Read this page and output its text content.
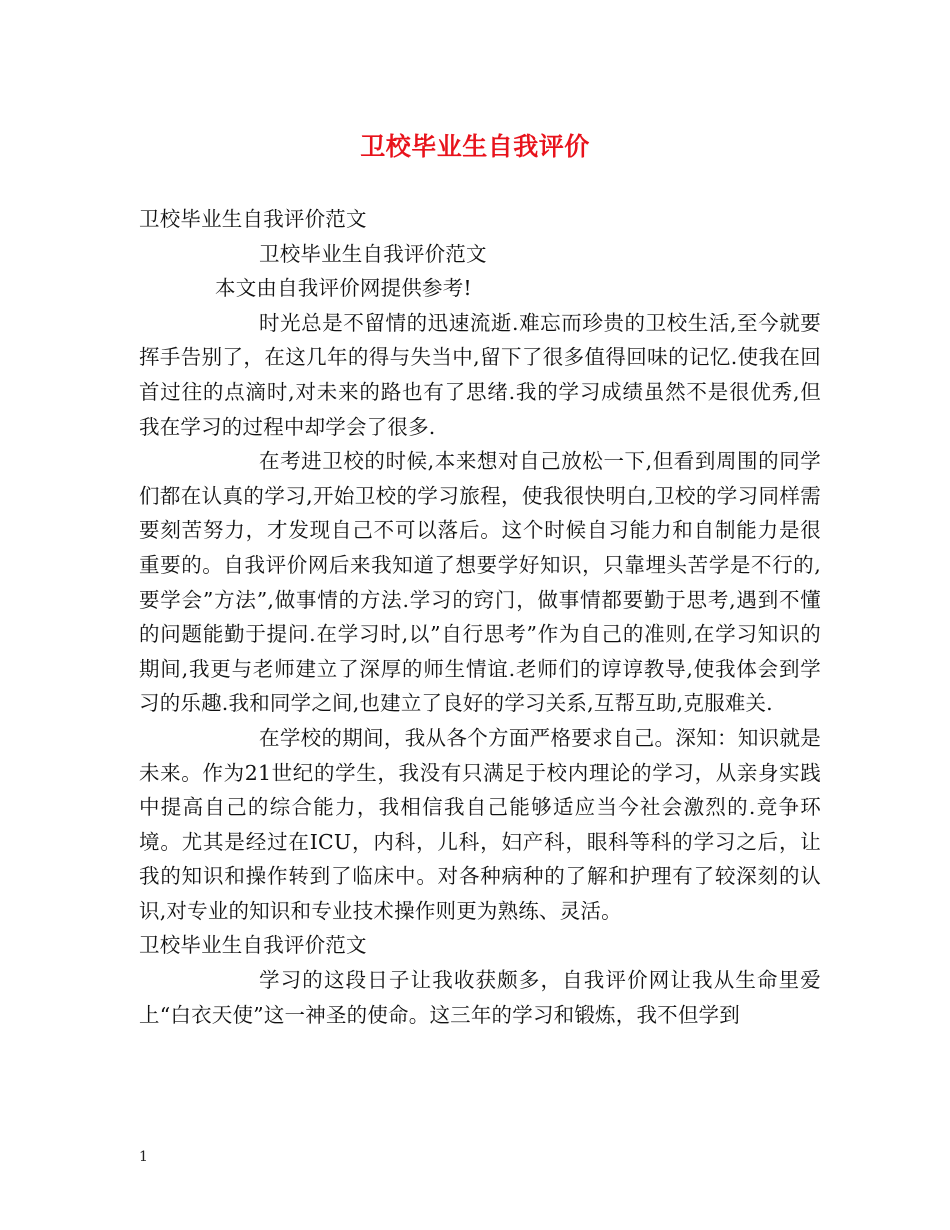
卫校毕业生自我评价

卫校毕业生自我评价范文

卫校毕业生自我评价范文

本文由自我评价网提供参考!

时光总是不留情的迅速流逝.难忘而珍贵的卫校生活,至今就要挥手告别了，在这几年的得与失当中,留下了很多值得回味的记忆.使我在回首过往的点滴时,对未来的路也有了思绪.我的学习成绩虽然不是很优秀,但我在学习的过程中却学会了很多.

在考进卫校的时候,本来想对自己放松一下,但看到周围的同学们都在认真的学习,开始卫校的学习旅程，使我很快明白,卫校的学习同样需要刻苦努力，才发现自己不可以落后。这个时候自习能力和自制能力是很重要的。自我评价网后来我知道了想要学好知识，只靠埋头苦学是不行的,要学会”方法”,做事情的方法.学习的窍门，做事情都要勤于思考,遇到不懂的问题能勤于提问.在学习时,以”自行思考”作为自己的准则,在学习知识的期间,我更与老师建立了深厚的师生情谊.老师们的谆谆教导,使我体会到学习的乐趣.我和同学之间,也建立了良好的学习关系,互帮互助,克服难关.

在学校的期间，我从各个方面严格要求自己。深知：知识就是未来。作为21世纪的学生，我没有只满足于校内理论的学习，从亲身实践中提高自己的综合能力，我相信我自己能够适应当今社会激烈的.竞争环境。尤其是经过在ICU，内科，儿科，妇产科，眼科等科的学习之后，让我的知识和操作转到了临床中。对各种病种的了解和护理有了较深刻的认识,对专业的知识和专业技术操作则更为熟练、灵活。

卫校毕业生自我评价范文

学习的这段日子让我收获颇多，自我评价网让我从生命里爱上“白衣天使”这一神圣的使命。这三年的学习和锻炼，我不但学到

1
